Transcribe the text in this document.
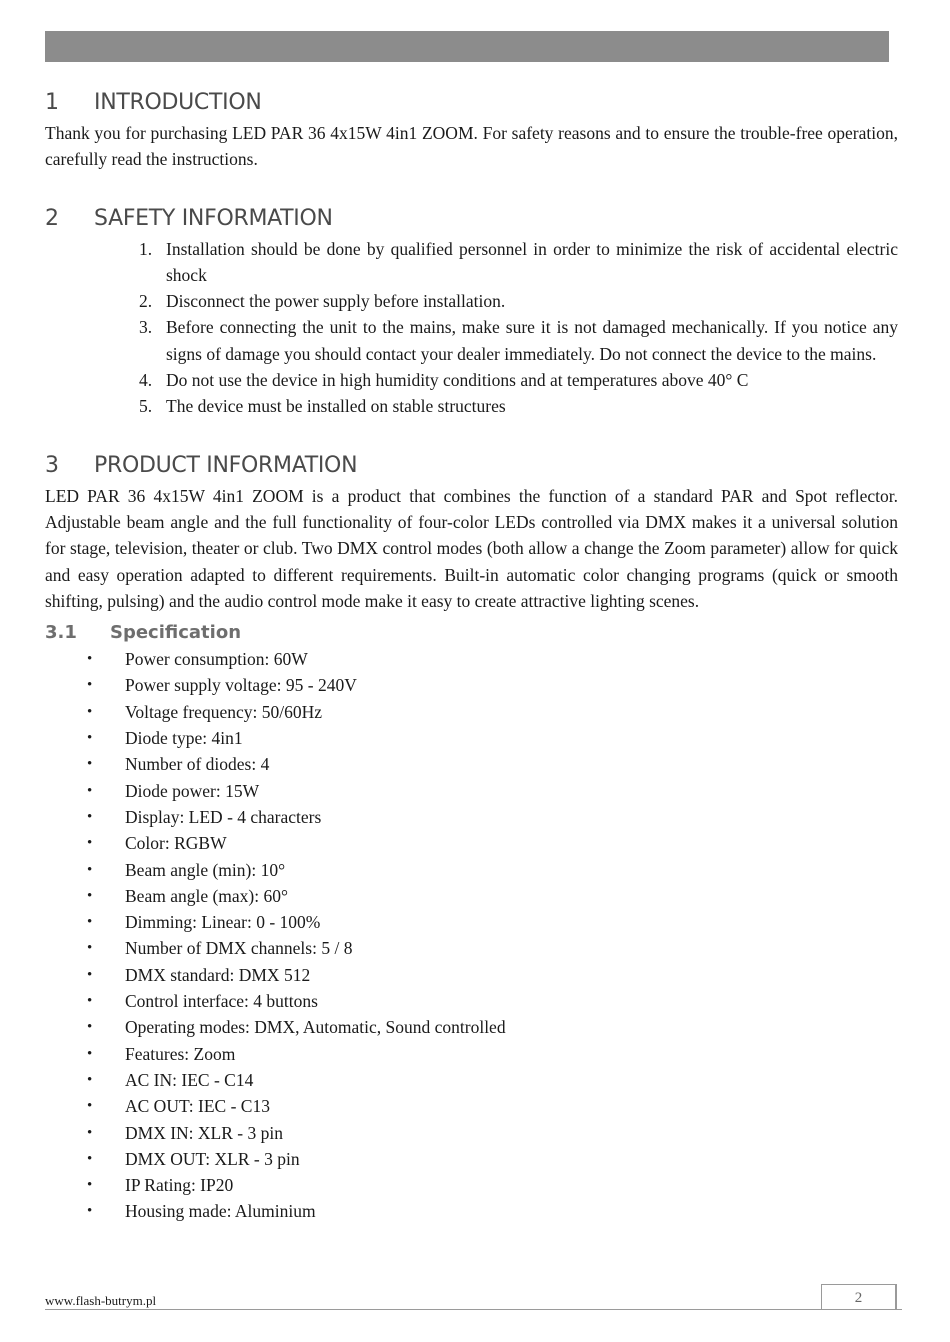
1	INTRODUCTION

Thank you for purchasing LED PAR 36 4x15W 4in1 ZOOM. For safety reasons and to ensure the trouble-free operation, carefully read the instructions.

2	SAFETY INFORMATION
1. Installation should be done by qualified personnel in order to minimize the risk of accidental electric shock
2. Disconnect the power supply before installation.
3. Before connecting the unit to the mains, make sure it is not damaged mechanically. If you notice any signs of damage you should contact your dealer immediately. Do not connect the device to the mains.
4. Do not use the device in high humidity conditions and at temperatures above 40° C
5. The device must be installed on stable structures
3	PRODUCT INFORMATION

LED PAR 36 4x15W 4in1 ZOOM is a product that combines the function of a standard PAR and Spot reflector. Adjustable beam angle and the full functionality of four-color LEDs controlled via DMX makes it a universal solution for stage, television, theater or club. Two DMX control modes (both allow a change the Zoom parameter) allow for quick and easy operation adapted to different requirements. Built-in automatic color changing programs (quick or smooth shifting, pulsing) and the audio control mode make it easy to create attractive lighting scenes.

3.1	Specification
•	Power consumption: 60W
•	Power supply voltage: 95 - 240V
•	Voltage frequency: 50/60Hz
•	Diode type: 4in1
•	Number of diodes: 4
•	Diode power: 15W
•	Display: LED - 4 characters
•	Color: RGBW
•	Beam angle (min): 10°
•	Beam angle (max): 60°
•	Dimming: Linear: 0 - 100%
•	Number of DMX channels: 5 / 8
•	DMX standard: DMX 512
•	Control interface: 4 buttons
•	Operating modes: DMX, Automatic, Sound controlled
•	Features: Zoom
•	AC IN: IEC - C14
•	AC OUT: IEC - C13
•	DMX IN: XLR - 3 pin
•	DMX OUT: XLR - 3 pin
•	IP Rating: IP20
•	Housing made: Aluminium
www.flash-butrym.pl	2
